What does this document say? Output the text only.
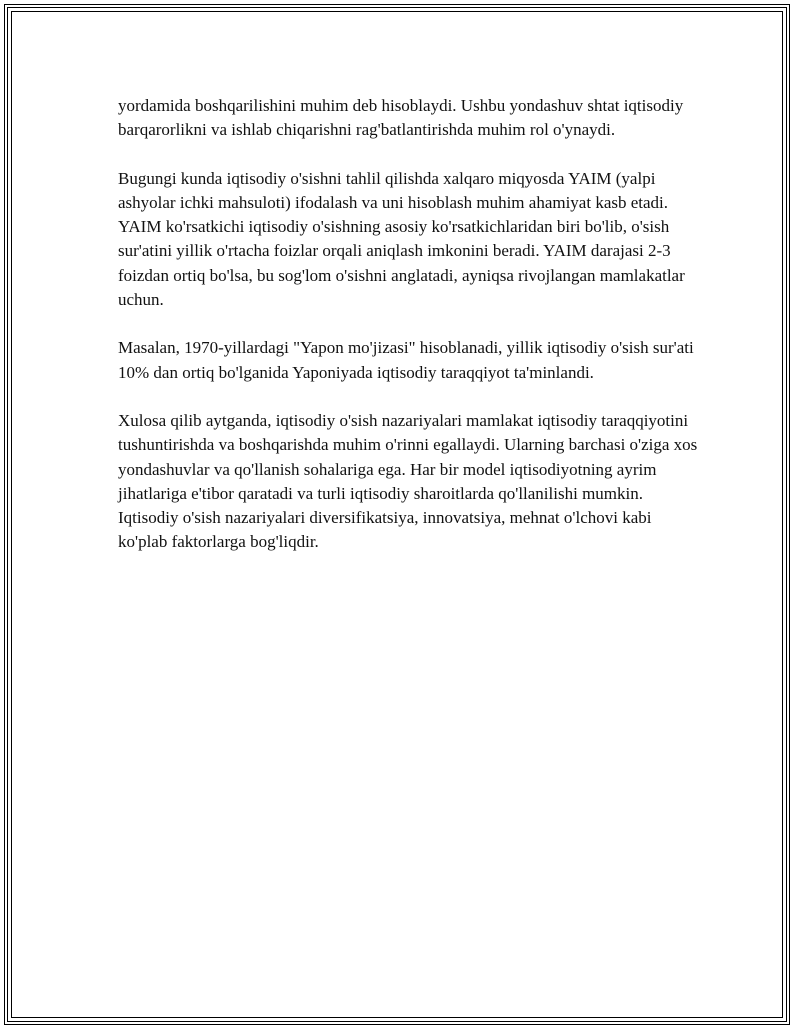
yordamida boshqarilishini muhim deb hisoblaydi. Ushbu yondashuv shtat iqtisodiy barqarorlikni va ishlab chiqarishni rag'batlantirishda muhim rol o'ynaydi.

Bugungi kunda iqtisodiy o'sishni tahlil qilishda xalqaro miqyosda YAIM (yalpi ashyolar ichki mahsuloti) ifodalash va uni hisoblash muhim ahamiyat kasb etadi. YAIM ko'rsatkichi iqtisodiy o'sishning asosiy ko'rsatkichlaridan biri bo'lib, o'sish sur'atini yillik o'rtacha foizlar orqali aniqlash imkonini beradi. YAIM darajasi 2-3 foizdan ortiq bo'lsa, bu sog'lom o'sishni anglatadi, ayniqsa rivojlangan mamlakatlar uchun.

Masalan, 1970-yillardagi "Yapon mo'jizasi" hisoblanadi, yillik iqtisodiy o'sish sur'ati 10% dan ortiq bo'lganida Yaponiyada iqtisodiy taraqqiyot ta'minlandi.

Xulosa qilib aytganda, iqtisodiy o'sish nazariyalari mamlakat iqtisodiy taraqqiyotini tushuntirishda va boshqarishda muhim o'rinni egallaydi. Ularning barchasi o'ziga xos yondashuvlar va qo'llanish sohalariga ega. Har bir model iqtisodiyotning ayrim jihatlariga e'tibor qaratadi va turli iqtisodiy sharoitlarda qo'llanilishi mumkin. Iqtisodiy o'sish nazariyalari diversifikatsiya, innovatsiya, mehnat o'lchovi kabi ko'plab faktorlarga bog'liqdir.
